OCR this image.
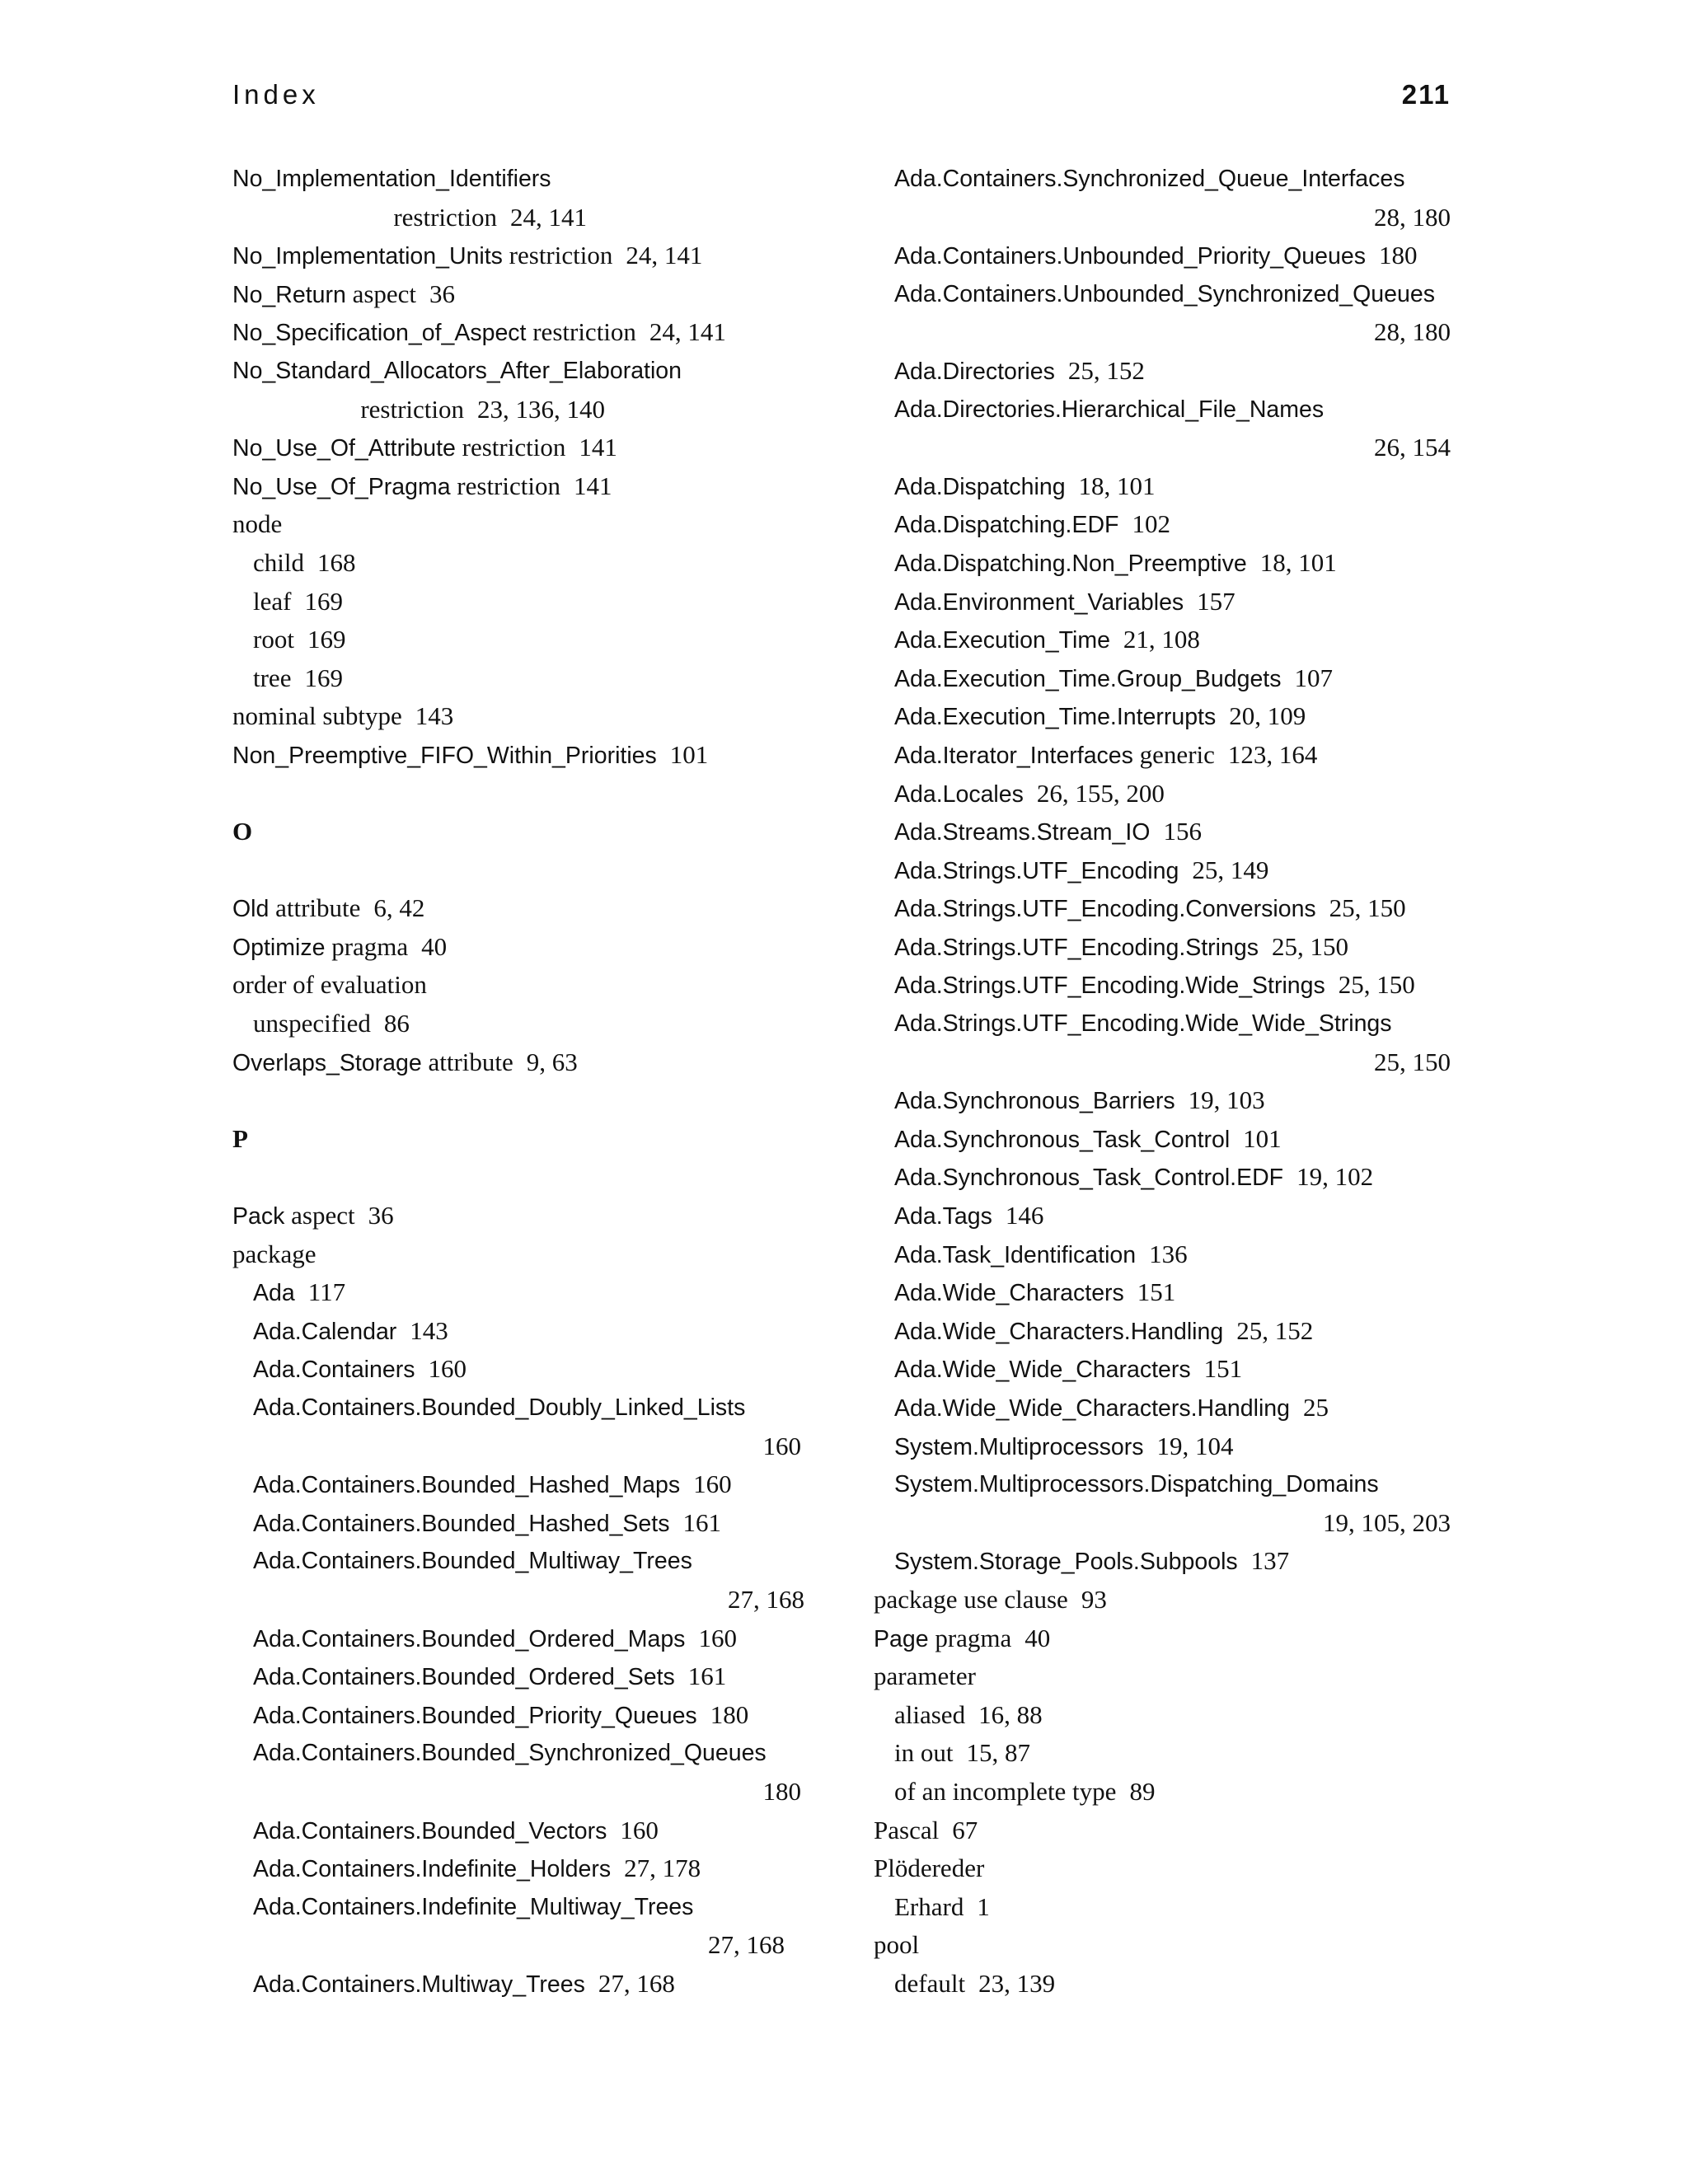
Index	211
No_Implementation_Identifiers
restriction 24, 141
No_Implementation_Units restriction 24, 141
No_Return aspect 36
No_Specification_of_Aspect restriction 24, 141
No_Standard_Allocators_After_Elaboration
restriction 23, 136, 140
No_Use_Of_Attribute restriction 141
No_Use_Of_Pragma restriction 141
node
child 168
leaf 169
root 169
tree 169
nominal subtype 143
Non_Preemptive_FIFO_Within_Priorities 101
O
Old attribute 6, 42
Optimize pragma 40
order of evaluation
unspecified 86
Overlaps_Storage attribute 9, 63
P
Pack aspect 36
package
Ada 117
Ada.Calendar 143
Ada.Containers 160
Ada.Containers.Bounded_Doubly_Linked_Lists
160
Ada.Containers.Bounded_Hashed_Maps 160
Ada.Containers.Bounded_Hashed_Sets 161
Ada.Containers.Bounded_Multiway_Trees
27, 168
Ada.Containers.Bounded_Ordered_Maps 160
Ada.Containers.Bounded_Ordered_Sets 161
Ada.Containers.Bounded_Priority_Queues 180
Ada.Containers.Bounded_Synchronized_Queues
180
Ada.Containers.Bounded_Vectors 160
Ada.Containers.Indefinite_Holders 27, 178
Ada.Containers.Indefinite_Multiway_Trees
27, 168
Ada.Containers.Multiway_Trees 27, 168
Ada.Containers.Synchronized_Queue_Interfaces
28, 180
Ada.Containers.Unbounded_Priority_Queues 180
Ada.Containers.Unbounded_Synchronized_Queues
28, 180
Ada.Directories 25, 152
Ada.Directories.Hierarchical_File_Names
26, 154
Ada.Dispatching 18, 101
Ada.Dispatching.EDF 102
Ada.Dispatching.Non_Preemptive 18, 101
Ada.Environment_Variables 157
Ada.Execution_Time 21, 108
Ada.Execution_Time.Group_Budgets 107
Ada.Execution_Time.Interrupts 20, 109
Ada.Iterator_Interfaces generic 123, 164
Ada.Locales 26, 155, 200
Ada.Streams.Stream_IO 156
Ada.Strings.UTF_Encoding 25, 149
Ada.Strings.UTF_Encoding.Conversions 25, 150
Ada.Strings.UTF_Encoding.Strings 25, 150
Ada.Strings.UTF_Encoding.Wide_Strings 25, 150
Ada.Strings.UTF_Encoding.Wide_Wide_Strings
25, 150
Ada.Synchronous_Barriers 19, 103
Ada.Synchronous_Task_Control 101
Ada.Synchronous_Task_Control.EDF 19, 102
Ada.Tags 146
Ada.Task_Identification 136
Ada.Wide_Characters 151
Ada.Wide_Characters.Handling 25, 152
Ada.Wide_Wide_Characters 151
Ada.Wide_Wide_Characters.Handling 25
System.Multiprocessors 19, 104
System.Multiprocessors.Dispatching_Domains
19, 105, 203
System.Storage_Pools.Subpools 137
package use clause 93
Page pragma 40
parameter
aliased 16, 88
in out 15, 87
of an incomplete type 89
Pascal 67
Plödereder
Erhard 1
pool
default 23, 139
